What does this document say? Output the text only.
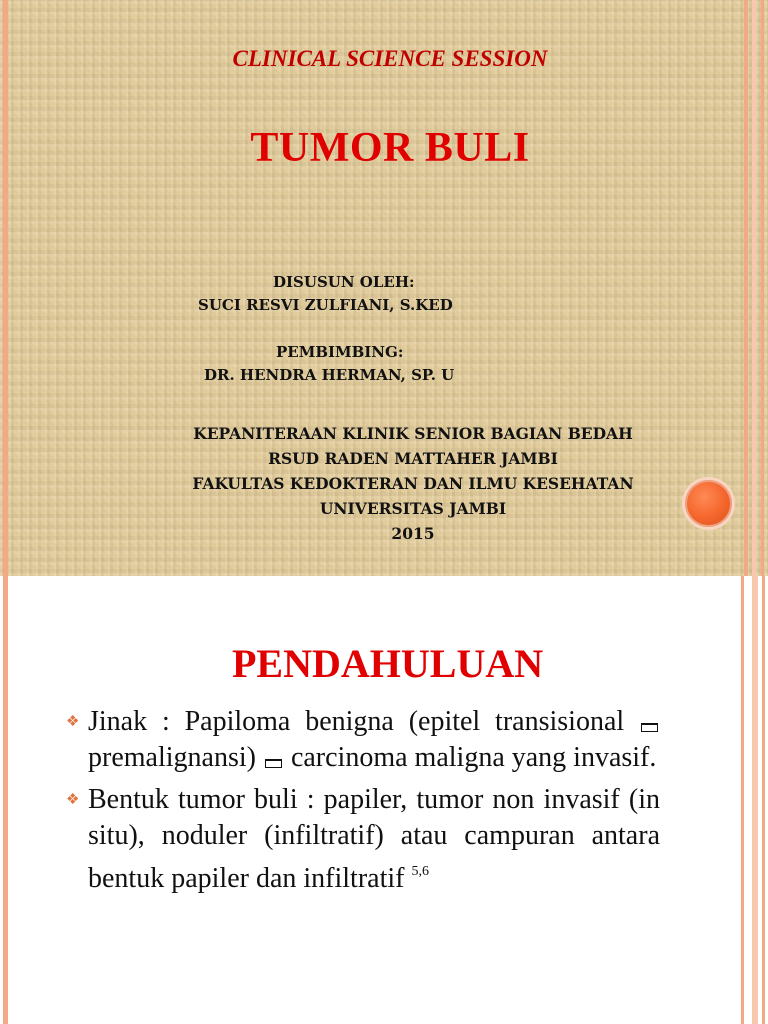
CLINICAL SCIENCE SESSION
TUMOR BULI
DISUSUN OLEH:
SUCI RESVI ZULFIANI, S.KED
PEMBIMBING:
DR. HENDRA HERMAN, SP. U
KEPANITERAAN KLINIK SENIOR BAGIAN BEDAH
RSUD RADEN MATTAHER JAMBI
FAKULTAS KEDOKTERAN DAN ILMU KESEHATAN
UNIVERSITAS JAMBI
2015
PENDAHULUAN
❖ Jinak : Papiloma benigna (epitel transisional  premalignansi) carcinoma maligna yang invasif.
❖ Bentuk tumor buli : papiler, tumor non invasif (in situ), noduler (infiltratif) atau campuran antara bentuk papiler dan infiltratif $^{5,6}$
